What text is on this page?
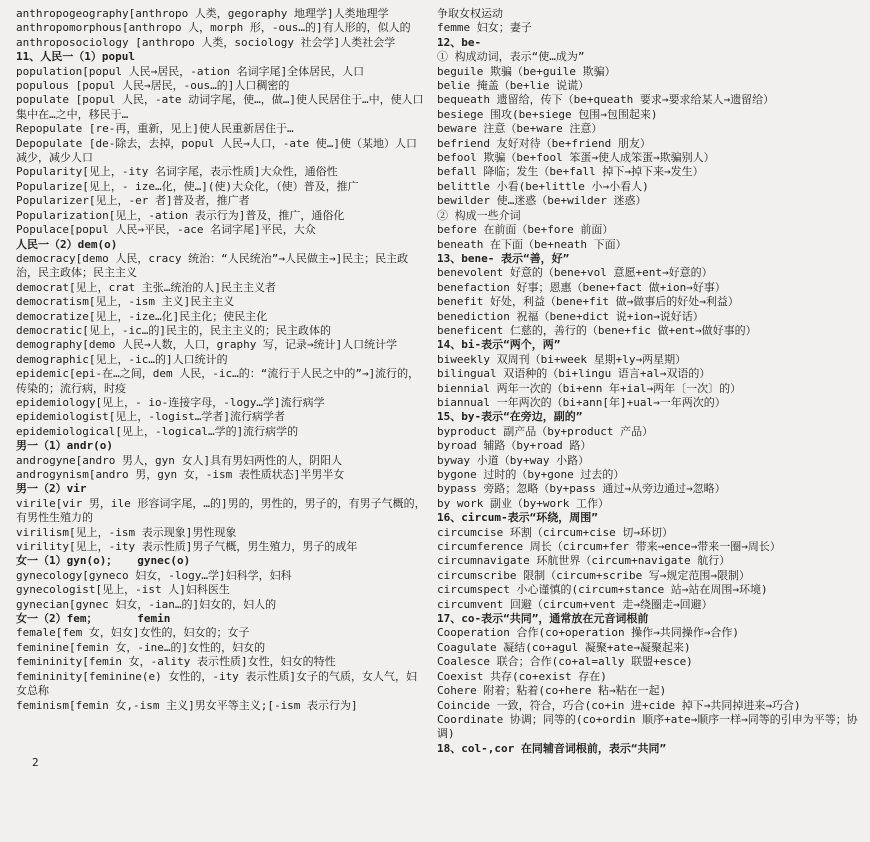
anthropogeography[anthropo 人类，gegoraphy 地理学]人类地理学

anthropomorphous[anthropo 人，morph 形，-ous…的]有人形的，似人的

anthroposociology [anthropo 人类，sociology 社会学]人类社会学

11、人民一（1）popul

population[popul 人民→居民，-ation 名词字尾]全体居民，人口

populous [popul 人民→居民，-ous…的]人口稠密的

populate [popul 人民，-ate 动词字尾，使…，做…]使人民居住于…中，使人口集中在…之中，移民于…

Repopulate [re-再，重新，见上]使人民重新居住于…

Depopulate [de-除去，去掉，popul 人民→人口，-ate 使…]使（某地）人口减少，减少人口

Popularity[见上，-ity 名词字尾，表示性质]大众性，通俗性

Popularize[见上，- ize…化，使…](使)大众化，（使）普及，推广

Popularizer[见上，-er 者]普及者，推广者

Popularization[见上，-ation 表示行为]普及，推广，通俗化

Populace[popul 人民→平民，-ace 名词字尾]平民，大众

人民一（2）dem(o)

democracy[demo 人民，cracy 统治：“人民统治”→人民做主→]民主；民主政治，民主政体；民主主义

democrat[见上，crat 主张…统治的人]民主主义者

democratism[见上，-ism 主义]民主主义

democratize[见上，-ize…化]民主化；使民主化

democratic[见上，-ic…的]民主的，民主主义的；民主政体的

demography[demo 人民→人数，人口，graphy 写，记录→统计]人口统计学

demographic[见上，-ic…的]人口统计的

epidemic[epi-在…之间，dem 人民，-ic…的：“流行于人民之中的”→]流行的，传染的；流行病，时疫

epidemiology[见上，- io-连接字母，-logy…学]流行病学

epidemiologist[见上，-logist…学者]流行病学者

epidemiological[见上，-logical…学的]流行病学的

男一（1）andr(o)

androgyne[andro 男人，gyn 女人]具有男妇两性的人，阴阳人

androgynism[andro 男，gyn 女，-ism 表性质状态]半男半女

男一（2）vir

virile[vir 男，ile 形容词字尾，…的]男的，男性的，男子的，有男子气概的，有男性生殖力的

virilism[见上，-ism 表示现象]男性现象

virility[见上，-ity 表示性质]男子气概，男生殖力，男子的成年

女一（1）gyn(o)；   gynec(o)

gynecology[gyneco 妇女，-logy…学]妇科学，妇科

gynecologist[见上，-ist 人]妇科医生

gynecian[gynec 妇女，-ian…的]妇女的，妇人的

女一（2）fem；      femin

female[fem 女，妇女]女性的，妇女的；女子

feminine[femin 女，-ine…的]女性的，妇女的

femininity[femin 女，-ality 表示性质]女性，妇女的特性

femininity[feminine(e) 女性的，-ity 表示性质]女子的气质，女人气，妇女总称

feminism[femin 女,-ism 主义]男女平等主义;[-ism 表示行为]

争取女权运动

femme 妇女；妻子

12、be-

① 构成动词，表示“使…成为”

beguile 欺骗（be+guile 欺骗）

belie 掩盖（be+lie 说谎）

bequeath 遗留给，传下（be+queath 要求→要求给某人→遗留给）

besiege 围攻(be+siege 包围→包围起来)

beware 注意（be+ware 注意）

befriend 友好对待（be+friend 朋友）

befool 欺骗（be+fool 笨蛋→使人成笨蛋→欺骗别人）

befall 降临；发生（be+fall 掉下→掉下来→发生）

belittle 小看(be+little 小→小看人)

bewilder 使…迷惑（be+wilder 迷惑）

② 构成一些介词

before 在前面（be+fore 前面）

beneath 在下面（be+neath 下面）

13、bene- 表示“善，好”

benevolent 好意的（bene+vol 意愿+ent→好意的）

benefaction 好事；恩惠（bene+fact 做+ion→好事）

benefit 好处，利益（bene+fit 做→做事后的好处→利益）

benediction 祝福（bene+dict 说+ion→说好话）

beneficent 仁慈的，善行的（bene+fic 做+ent→做好事的）

14、bi-表示“两个，两”

biweekly 双周刊（bi+week 星期+ly→两星期）

bilingual 双语种的（bi+lingu 语言+al→双语的）

biennial 两年一次的（bi+enn 年+ial→两年〔一次〕的）

biannual 一年两次的（bi+ann[年]+ual→一年两次的）

15、by-表示“在旁边，副的”

byproduct 副产品（by+product 产品）

byroad 辅路（by+road 路）

byway 小道（by+way 小路）

bygone 过时的（by+gone 过去的）

bypass 旁路；忽略（by+pass 通过→从旁边通过→忽略）

by work 副业（by+work 工作）

16、circum-表示“环绕，周围”

circumcise 环割（circum+cise 切→环切）

circumference 周长（circum+fer 带来→ence→带来一圈→周长）

circumnavigate 环航世界（circum+navigate 航行）

circumscribe 限制（circum+scribe 写→规定范围→限制）

circumspect 小心谨慎的(circum+stance 站→站在周围→环境)

circumvent 回避（circum+vent 走→绕圈走→回避）

17、co-表示“共同”，通常放在元音词根前

Cooperation 合作(co+operation 操作→共同操作→合作)

Coagulate 凝结(co+agul 凝聚+ate→凝聚起来)

Coalesce 联合；合作(co+al=ally 联盟+esce)

Coexist 共存(co+exist 存在)

Cohere 附着；粘着(co+here 粘→粘在一起)

Coincide 一致，符合，巧合(co+in 进+cide 掉下→共同掉进来→巧合)

Coordinate 协调；同等的(co+ordin 顺序+ate→顺序一样→同等的引申为平等；协调)

18、col-,cor 在同辅音词根前，表示“共同”

2
